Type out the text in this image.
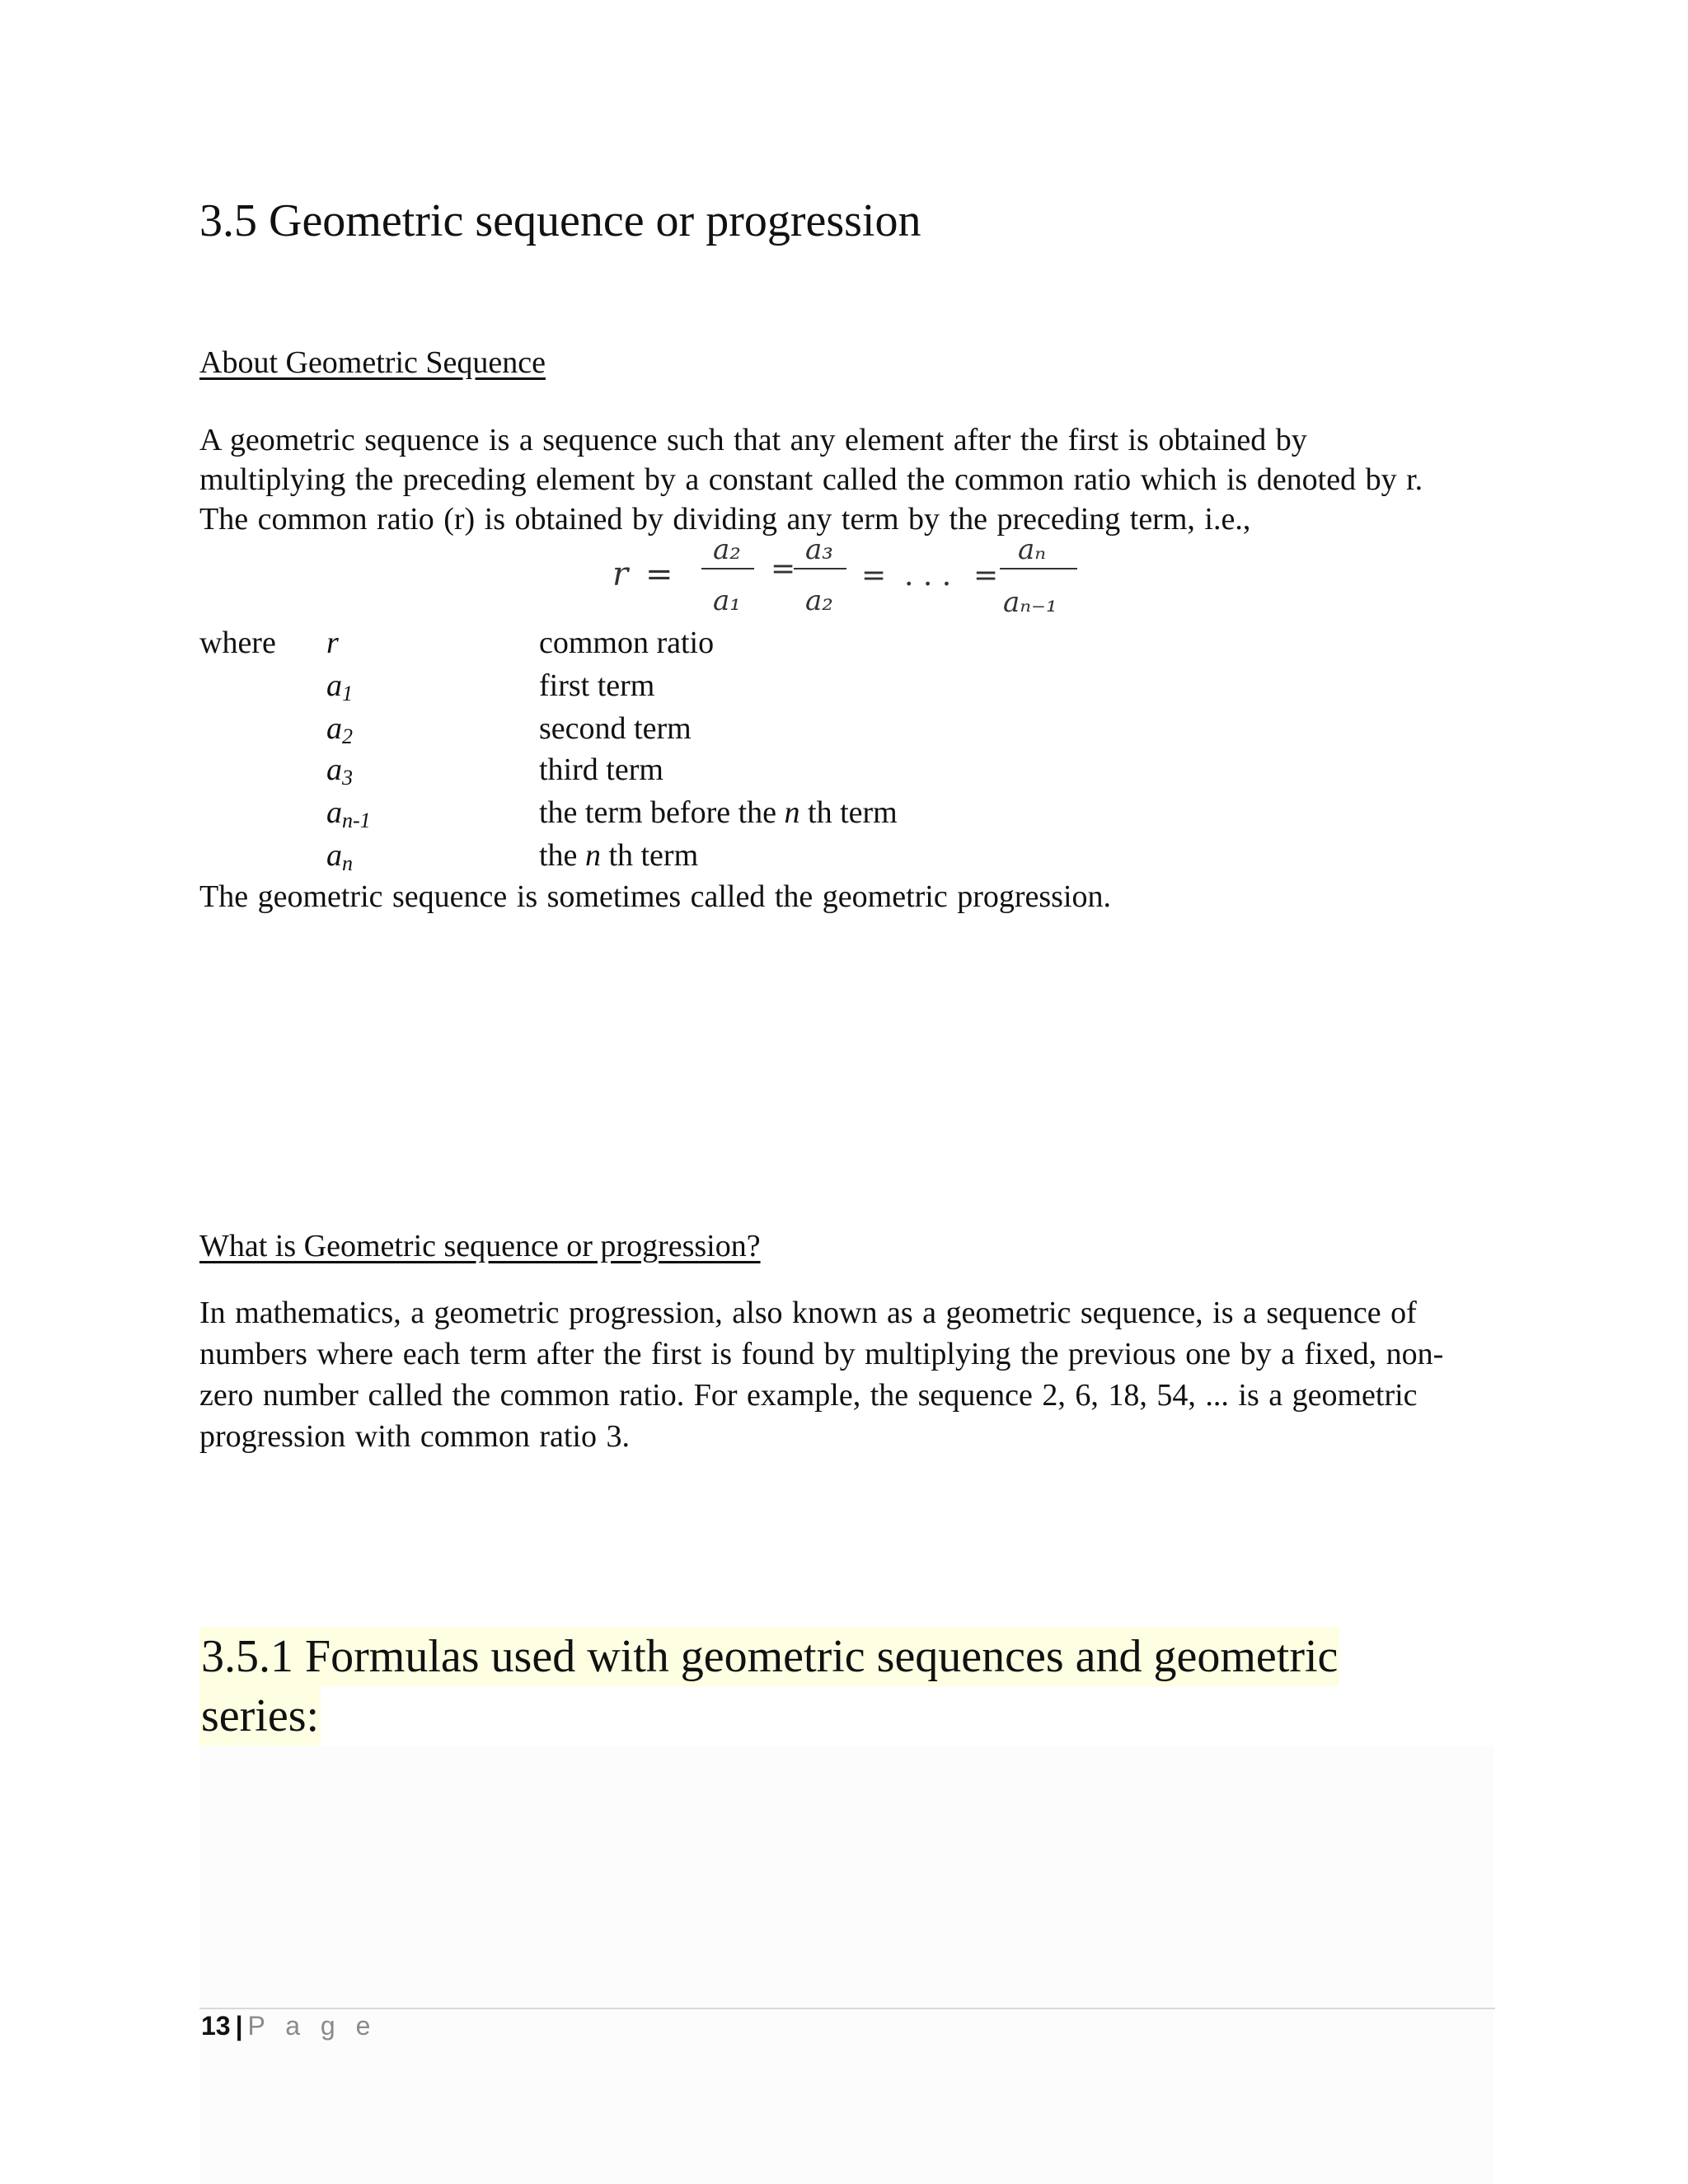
3.5 Geometric sequence or progression
About Geometric Sequence
A geometric sequence is a sequence such that any element after the first is obtained by
multiplying the preceding element by a constant called the common ratio which is denoted by r.
The common ratio (r) is obtained by dividing any term by the preceding term, i.e.,
r =
a₂
a₁
=
a₃
a₂
= . . . =
aₙ
aₙ₋₁
where r	common ratio
$a_1$	first term
$a_2$	second term
$a_3$	third term
$a_{n-1}$	the term before the n th term
$a_n$	the n th term
The geometric sequence is sometimes called the geometric progression.
What is Geometric sequence or progression?
In mathematics, a geometric progression, also known as a geometric sequence, is a sequence of
numbers where each term after the first is found by multiplying the previous one by a fixed, non-
zero number called the common ratio. For example, the sequence 2, 6, 18, 54, ... is a geometric
progression with common ratio 3.
3.5.1 Formulas used with geometric sequences and geometric
series:
13 | P a g e
